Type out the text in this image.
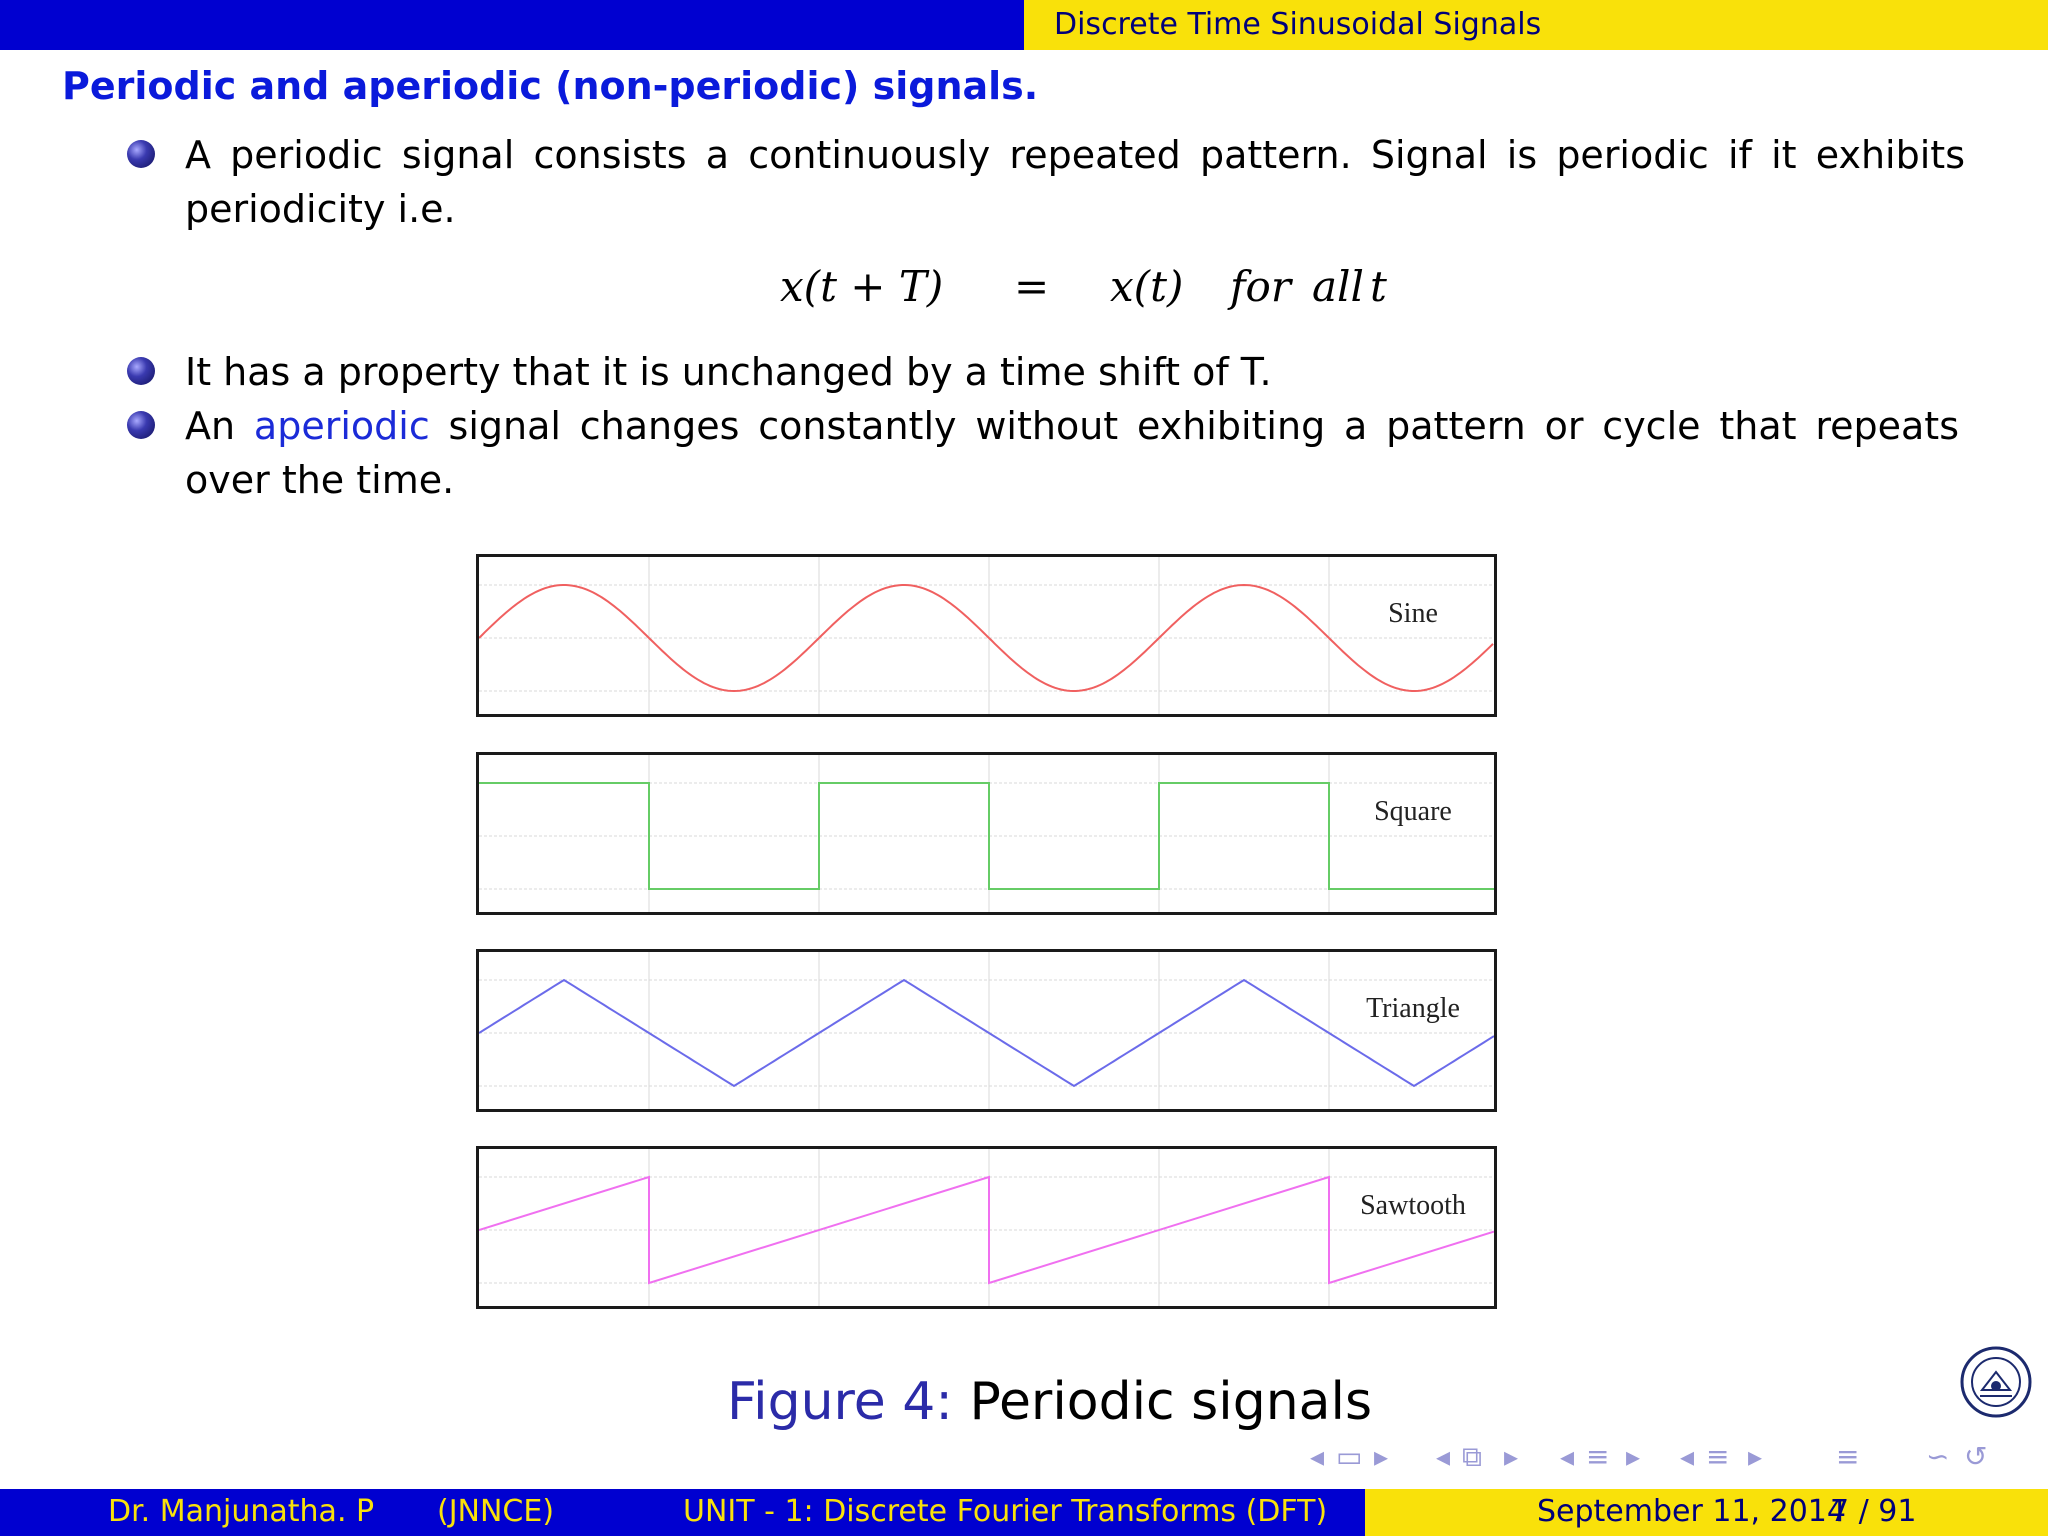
Discrete Time Sinusoidal Signals
Periodic and aperiodic (non-periodic) signals.

A periodic signal consists a continuously repeated pattern. Signal is periodic if it exhibits

periodicity i.e.

x(t + T) = x(t) for all t

It has a property that it is unchanged by a time shift of T.

An aperiodic signal changes constantly without exhibiting a pattern or cycle that repeats

over the time.

Sine
Square
Triangle
Sawtooth
Figure 4: Periodic signals
◂ ▭ ▸ ◂ ⧉ ▸ ◂ ≡ ▸ ◂ ≡ ▸	≡ ∽ ↺
Dr. Manjunatha. P (JNNCE)	UNIT - 1: Discrete Fourier Transforms (DFT)	September 11, 2014
7 / 91
